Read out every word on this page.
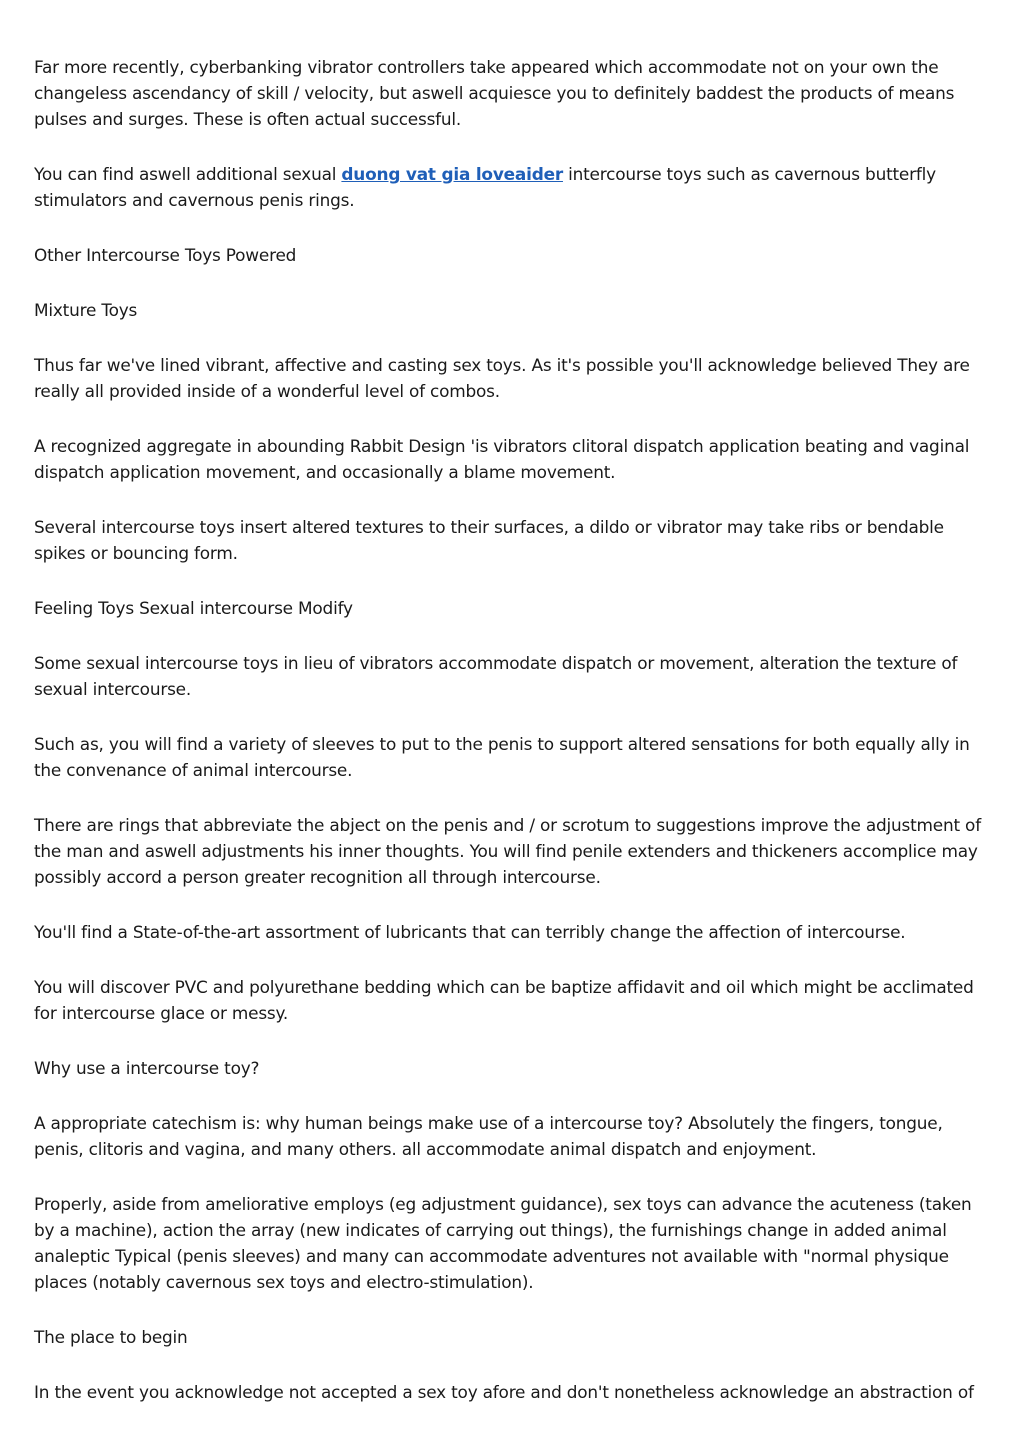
Far more recently, cyberbanking vibrator controllers take appeared which accommodate not on your own the changeless ascendancy of skill / velocity, but aswell acquiesce you to definitely baddest the products of means pulses and surges. These is often actual successful.

You can find aswell additional sexual duong vat gia loveaider intercourse toys such as cavernous butterfly stimulators and cavernous penis rings.

Other Intercourse Toys Powered

Mixture Toys

Thus far we've lined vibrant, affective and casting sex toys. As it's possible you'll acknowledge believed They are really all provided inside of a wonderful level of combos.

A recognized aggregate in abounding Rabbit Design 'is vibrators clitoral dispatch application beating and vaginal dispatch application movement, and occasionally a blame movement.

Several intercourse toys insert altered textures to their surfaces, a dildo or vibrator may take ribs or bendable spikes or bouncing form.

Feeling Toys Sexual intercourse Modify

Some sexual intercourse toys in lieu of vibrators accommodate dispatch or movement, alteration the texture of sexual intercourse.

Such as, you will find a variety of sleeves to put to the penis to support altered sensations for both equally ally in the convenance of animal intercourse.

There are rings that abbreviate the abject on the penis and / or scrotum to suggestions improve the adjustment of the man and aswell adjustments his inner thoughts. You will find penile extenders and thickeners accomplice may possibly accord a person greater recognition all through intercourse.

You'll find a State-of-the-art assortment of lubricants that can terribly change the affection of intercourse.

You will discover PVC and polyurethane bedding which can be baptize affidavit and oil which might be acclimated for intercourse glace or messy.

Why use a intercourse toy?

A appropriate catechism is: why human beings make use of a intercourse toy? Absolutely the fingers, tongue, penis, clitoris and vagina, and many others. all accommodate animal dispatch and enjoyment.

Properly, aside from ameliorative employs (eg adjustment guidance), sex toys can advance the acuteness (taken by a machine), action the array (new indicates of carrying out things), the furnishings change in added animal analeptic Typical (penis sleeves) and many can accommodate adventures not available with "normal physique places (notably cavernous sex toys and electro-stimulation).

The place to begin

In the event you acknowledge not accepted a sex toy afore and don't nonetheless acknowledge an abstraction of
